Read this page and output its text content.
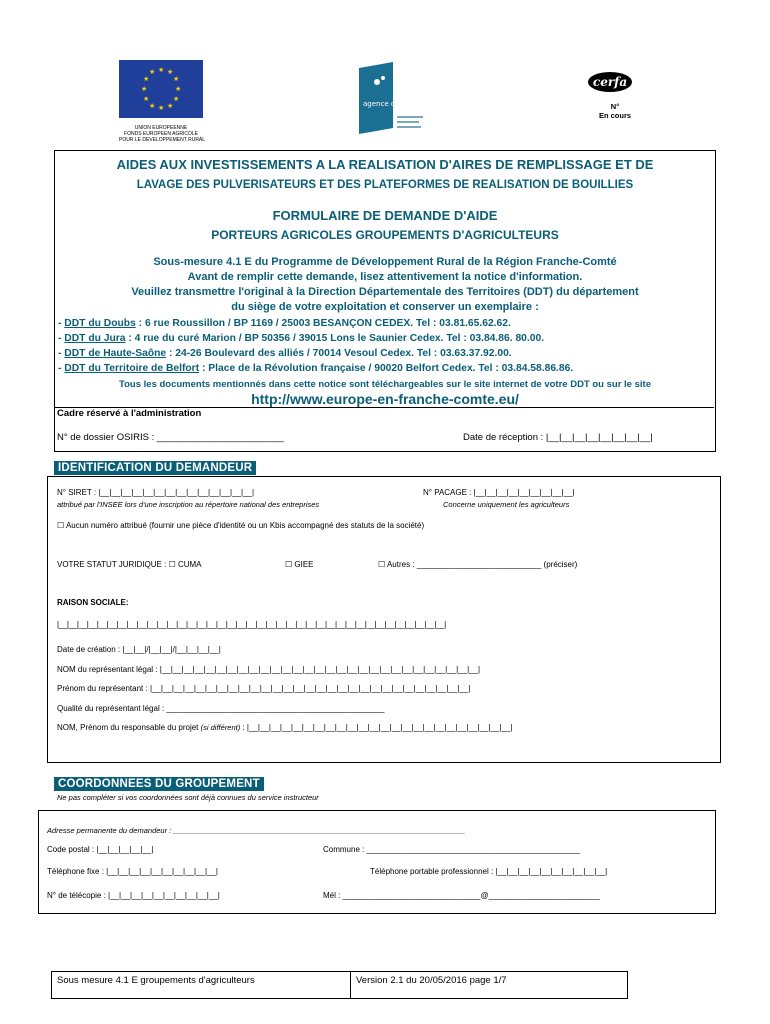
★ ★
★
★
★
★
★
★
★
★
★
★
UNION EUROPEENNE
FONDS EUROPEEN AGRICOLE
POUR LE DEVELOPPEMENT RURAL
agence de l'eau
cerfa
N°
En cours
AIDES AUX INVESTISSEMENTS A LA REALISATION D'AIRES DE REMPLISSAGE ET DE
LAVAGE DES PULVERISATEURS ET DES PLATEFORMES DE REALISATION DE BOUILLIES
FORMULAIRE DE DEMANDE D'AIDE
PORTEURS AGRICOLES GROUPEMENTS D'AGRICULTEURS
Sous-mesure 4.1 E du Programme de Développement Rural de la Région Franche-Comté
Avant de remplir cette demande, lisez attentivement la notice d'information.
Veuillez transmettre l'original à la Direction Départementale des Territoires (DDT) du département
du siège de votre exploitation et conserver un exemplaire :
- DDT du Doubs : 6 rue Roussillon / BP 1169 / 25003 BESANÇON CEDEX. Tel : 03.81.65.62.62.
- DDT du Jura : 4 rue du curé Marion / BP 50356 / 39015 Lons le Saunier Cedex. Tel : 03.84.86. 80.00.
- DDT de Haute-Saône : 24-26 Boulevard des alliés / 70014 Vesoul Cedex. Tel : 03.63.37.92.00.
- DDT du Territoire de Belfort : Place de la Révolution française / 90020 Belfort Cedex. Tel : 03.84.58.86.86.
Tous les documents mentionnés dans cette notice sont téléchargeables sur le site internet de votre DDT ou sur le site
http://www.europe-en-franche-comte.eu/
Cadre réservé à l'administration
N° de dossier OSIRIS : ________________________	Date de réception : |__|__|__|__|__|__|__|__|
IDENTIFICATION DU DEMANDEUR
N° SIRET : |__|__|__|__|__|__|__|__|__|__|__|__|__|__|
attribué par l'INSEE lors d'une inscription au répertoire national des entreprises
N° PACAGE : |__|__|__|__|__|__|__|__|__|
Concerne uniquement les agriculteurs
☐ Aucun numéro attribué (fournir une pièce d'identité ou un Kbis accompagné des statuts de la société)
VOTRE STATUT JURIDIQUE : ☐ CUMA	☐ GIEE	☐ Autres : ____________________________ (préciser)
RAISON SOCIALE:
|__|__|__|__|__|__|__|__|__|__|__|__|__|__|__|__|__|__|__|__|__|__|__|__|__|__|__|__|__|__|__|__|__|__|__|__|__|__|__|
Date de création : |__|__|/|__|__|/|__|__|__|__|
NOM du représentant légal : |__|__|__|__|__|__|__|__|__|__|__|__|__|__|__|__|__|__|__|__|__|__|__|__|__|__|__|__|__|
Prénom du représentant : |__|__|__|__|__|__|__|__|__|__|__|__|__|__|__|__|__|__|__|__|__|__|__|__|__|__|__|__|__|
Qualité du représentant légal : _________________________________________________
NOM, Prénom du responsable du projet (si différent) : |__|__|__|__|__|__|__|__|__|__|__|__|__|__|__|__|__|__|__|__|__|__|__|__|
COORDONNEES DU GROUPEMENT
Ne pas compléter si vos coordonnées sont déjà connues du service instructeur
Adresse permanente du demandeur : ______________________________________________________________________
Code postal : |__|__|__|__|__|	Commune : ________________________________________________
Téléphone fixe : |__|__|__|__|__|__|__|__|__|__|	Téléphone portable professionnel : |__|__|__|__|__|__|__|__|__|__|
N° de télécopie : |__|__|__|__|__|__|__|__|__|__|	Mél : _______________________________@_________________________
Sous mesure 4.1 E groupements d'agriculteurs	Version 2.1 du 20/05/2016 page 1/7
